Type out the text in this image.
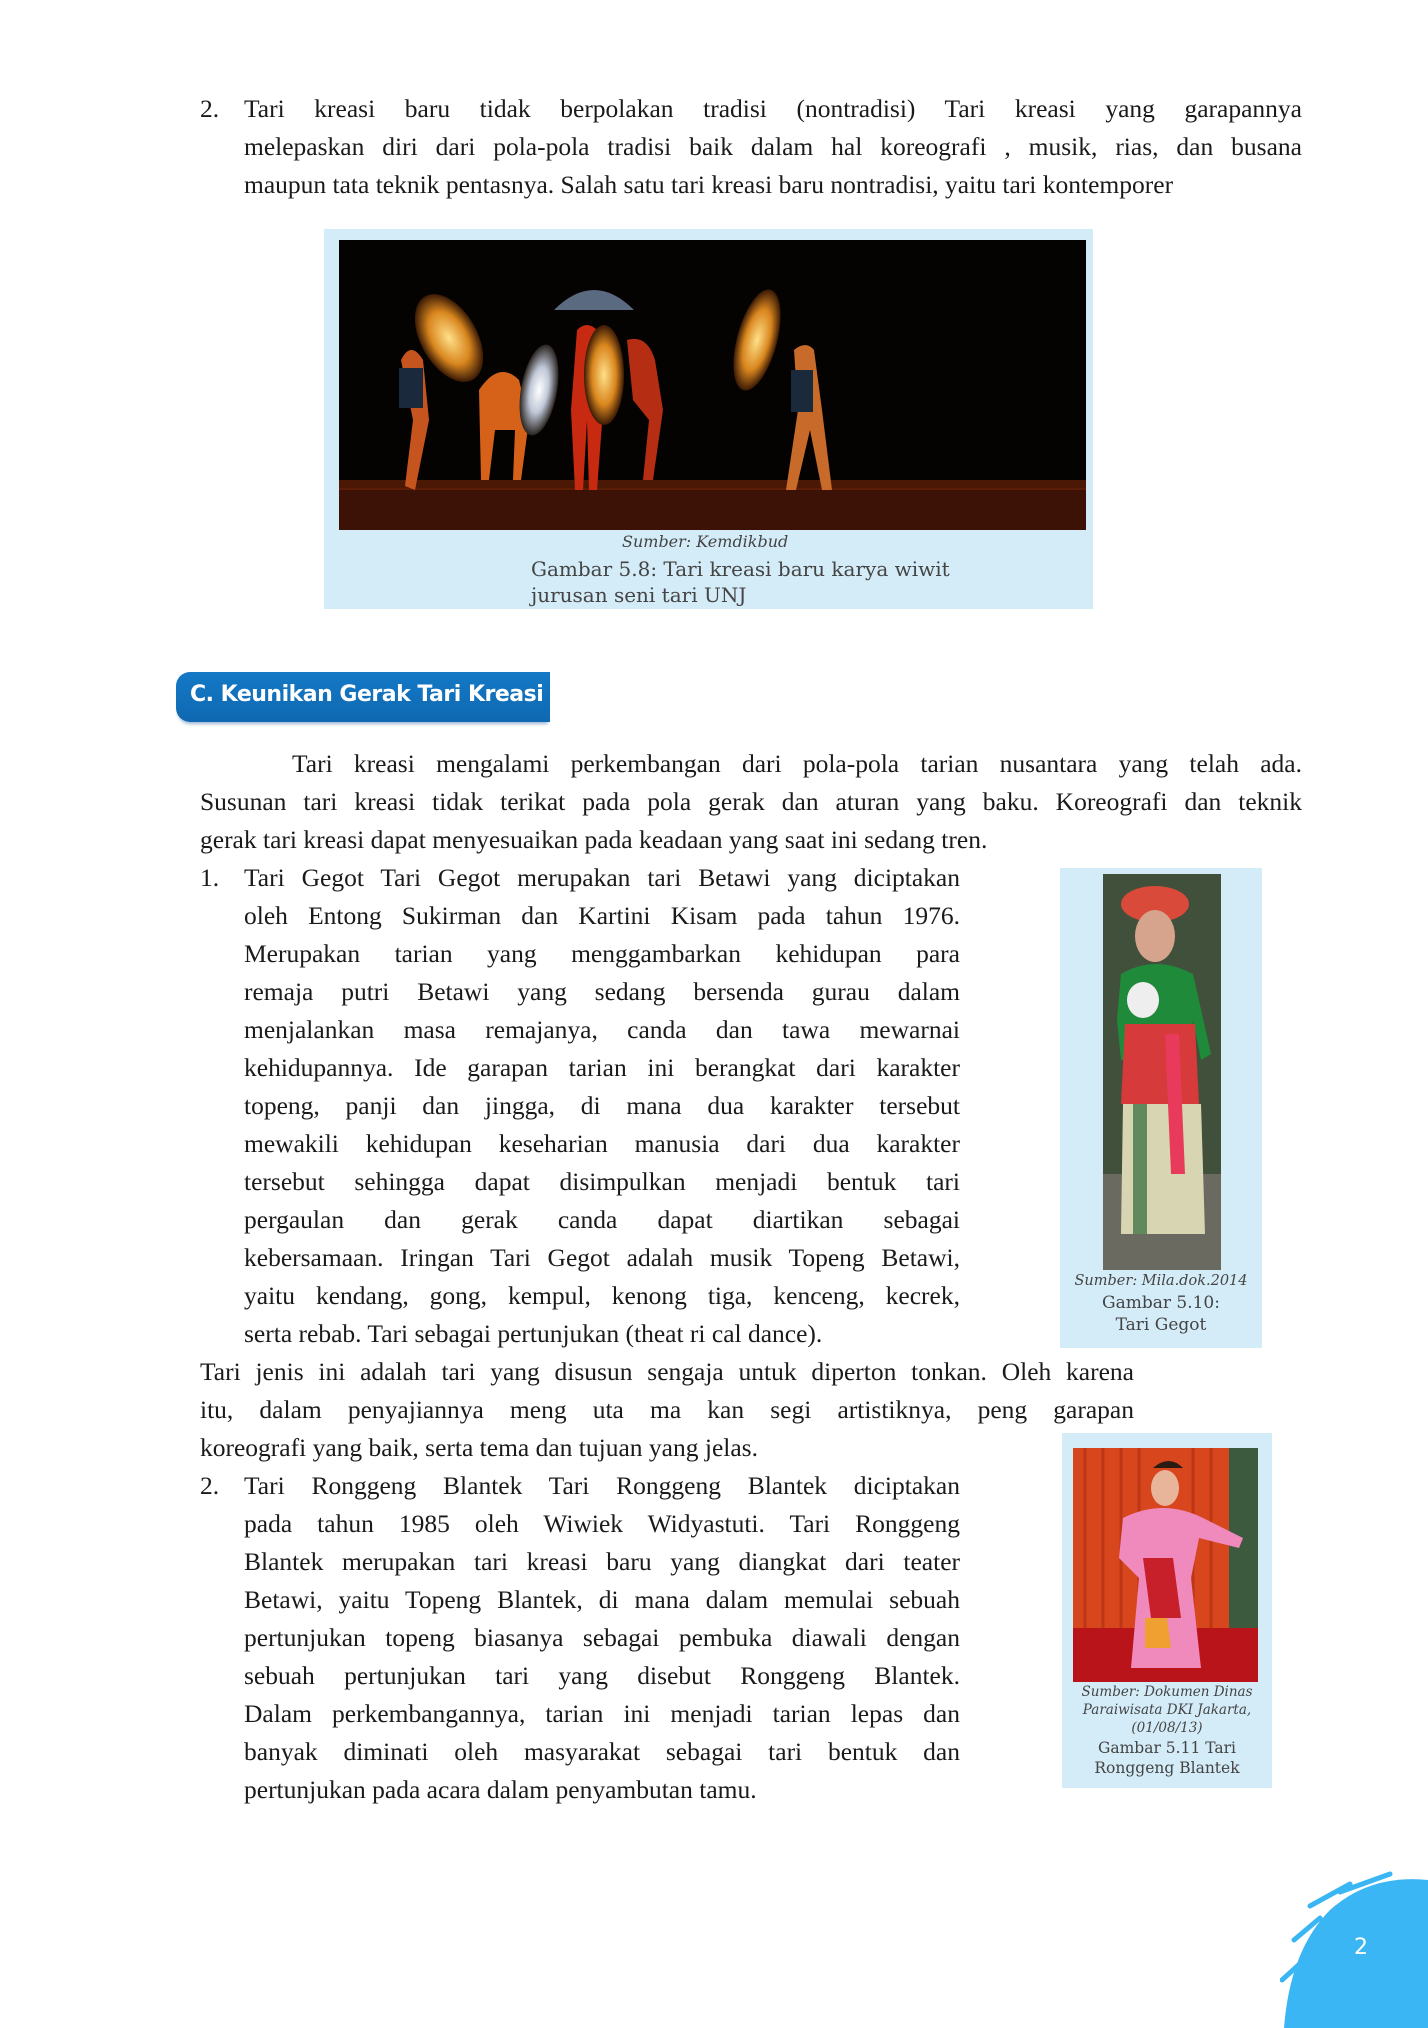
2. Tari kreasi baru tidak berpolakan tradisi (nontradisi) Tari kreasi yang garapannya
melepaskan diri dari pola-pola tradisi baik dalam hal koreografi , musik, rias, dan busana
maupun tata teknik pentasnya. Salah satu tari kreasi baru nontradisi, yaitu tari kontemporer
Sumber: Kemdikbud
Gambar 5.8: Tari kreasi baru karya wiwit
jurusan seni tari UNJ
C. Keunikan Gerak Tari Kreasi
Tari kreasi mengalami perkembangan dari pola-pola tarian nusantara yang telah ada.
Susunan tari kreasi tidak terikat pada pola gerak dan aturan yang baku. Koreografi dan teknik
gerak tari kreasi dapat menyesuaikan pada keadaan yang saat ini sedang tren.
1. Tari Gegot Tari Gegot merupakan tari Betawi yang diciptakan
oleh Entong Sukirman dan Kartini Kisam pada tahun 1976.
Merupakan tarian yang menggambarkan kehidupan para
remaja putri Betawi yang sedang bersenda gurau dalam
menjalankan masa remajanya, canda dan tawa mewarnai
kehidupannya. Ide garapan tarian ini berangkat dari karakter
topeng, panji dan jingga, di mana dua karakter tersebut
mewakili kehidupan keseharian manusia dari dua karakter
tersebut sehingga dapat disimpulkan menjadi bentuk tari
pergaulan dan gerak canda dapat diartikan sebagai
kebersamaan. Iringan Tari Gegot adalah musik Topeng Betawi,
yaitu kendang, gong, kempul, kenong tiga, kenceng, kecrek,
serta rebab. Tari sebagai pertunjukan (theat ri cal dance).
Sumber: Mila.dok.2014
Gambar 5.10:
Tari Gegot
Tari jenis ini adalah tari yang disusun sengaja untuk diperton tonkan. Oleh karena
itu, dalam penyajiannya meng uta ma kan segi artistiknya, peng garapan
koreografi yang baik, serta tema dan tujuan yang jelas.
2. Tari Ronggeng Blantek Tari Ronggeng Blantek diciptakan
pada tahun 1985 oleh Wiwiek Widyastuti. Tari Ronggeng
Blantek merupakan tari kreasi baru yang diangkat dari teater
Betawi, yaitu Topeng Blantek, di mana dalam memulai sebuah
pertunjukan topeng biasanya sebagai pembuka diawali dengan
sebuah pertunjukan tari yang disebut Ronggeng Blantek.
Dalam perkembangannya, tarian ini menjadi tarian lepas dan
banyak diminati oleh masyarakat sebagai tari bentuk dan
pertunjukan pada acara dalam penyambutan tamu.
Sumber: Dokumen Dinas
Paraiwisata DKI Jakarta,
(01/08/13)
Gambar 5.11 Tari
Ronggeng Blantek
2
